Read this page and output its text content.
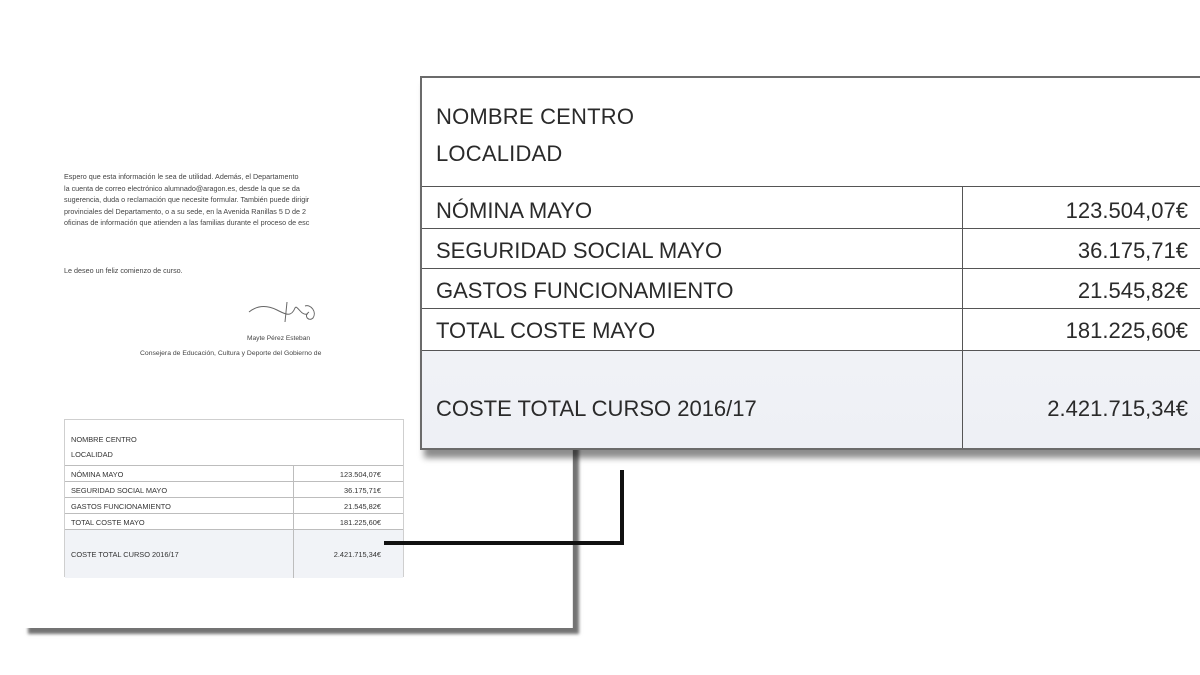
Espero que esta información le sea de utilidad. Además, el Departamento

la cuenta de correo electrónico alumnado@aragon.es, desde la que se da

sugerencia, duda o reclamación que necesite formular. También puede dirigir

provinciales del Departamento, o a su sede, en la Avenida Ranillas 5 D de 2

oficinas de información que atienden a las familias durante el proceso de esc

Le deseo un feliz comienzo de curso.
Mayte Pérez Esteban
Consejera de Educación, Cultura y Deporte del Gobierno de
NOMBRE CENTRO
LOCALIDAD
NÓMINA MAYO	123.504,07€
SEGURIDAD SOCIAL MAYO	36.175,71€
GASTOS FUNCIONAMIENTO	21.545,82€
TOTAL COSTE MAYO	181.225,60€
COSTE TOTAL CURSO 2016/17	2.421.715,34€
NOMBRE CENTRO
LOCALIDAD
NÓMINA MAYO	123.504,07€
SEGURIDAD SOCIAL MAYO	36.175,71€
GASTOS FUNCIONAMIENTO	21.545,82€
TOTAL COSTE MAYO	181.225,60€
COSTE TOTAL CURSO 2016/17	2.421.715,34€
